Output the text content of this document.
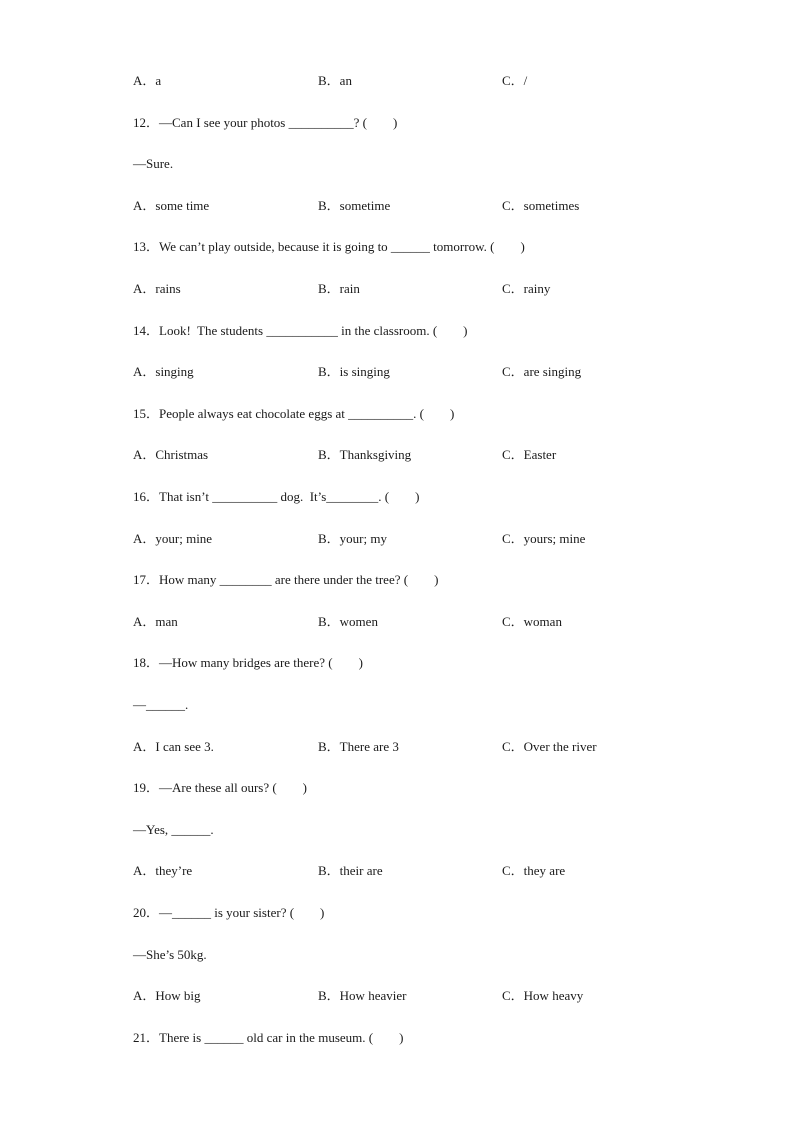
A．a	B．an	C．/
12．—Can I see your photos __________? (　　)
—Sure.
A．some time	B．sometime	C．sometimes
13．We can’t play outside, because it is going to ______ tomorrow. (　　)
A．rains	B．rain	C．rainy
14．Look!  The students ___________ in the classroom. (　　)
A．singing	B．is singing	C．are singing
15．People always eat chocolate eggs at __________. (　　)
A．Christmas	B．Thanksgiving	C．Easter
16．That isn’t __________ dog.  It’s________. (　　)
A．your; mine	B．your; my	C．yours; mine
17．How many ________ are there under the tree? (　　)
A．man	B．women	C．woman
18．—How many bridges are there? (　　)
—______.
A．I can see 3.	B．There are 3	C．Over the river
19．—Are these all ours? (　　)
—Yes, ______.
A．they’re	B．their are	C．they are
20．—______ is your sister? (　　)
—She’s 50kg.
A．How big	B．How heavier	C．How heavy
21．There is ______ old car in the museum. (　　)
